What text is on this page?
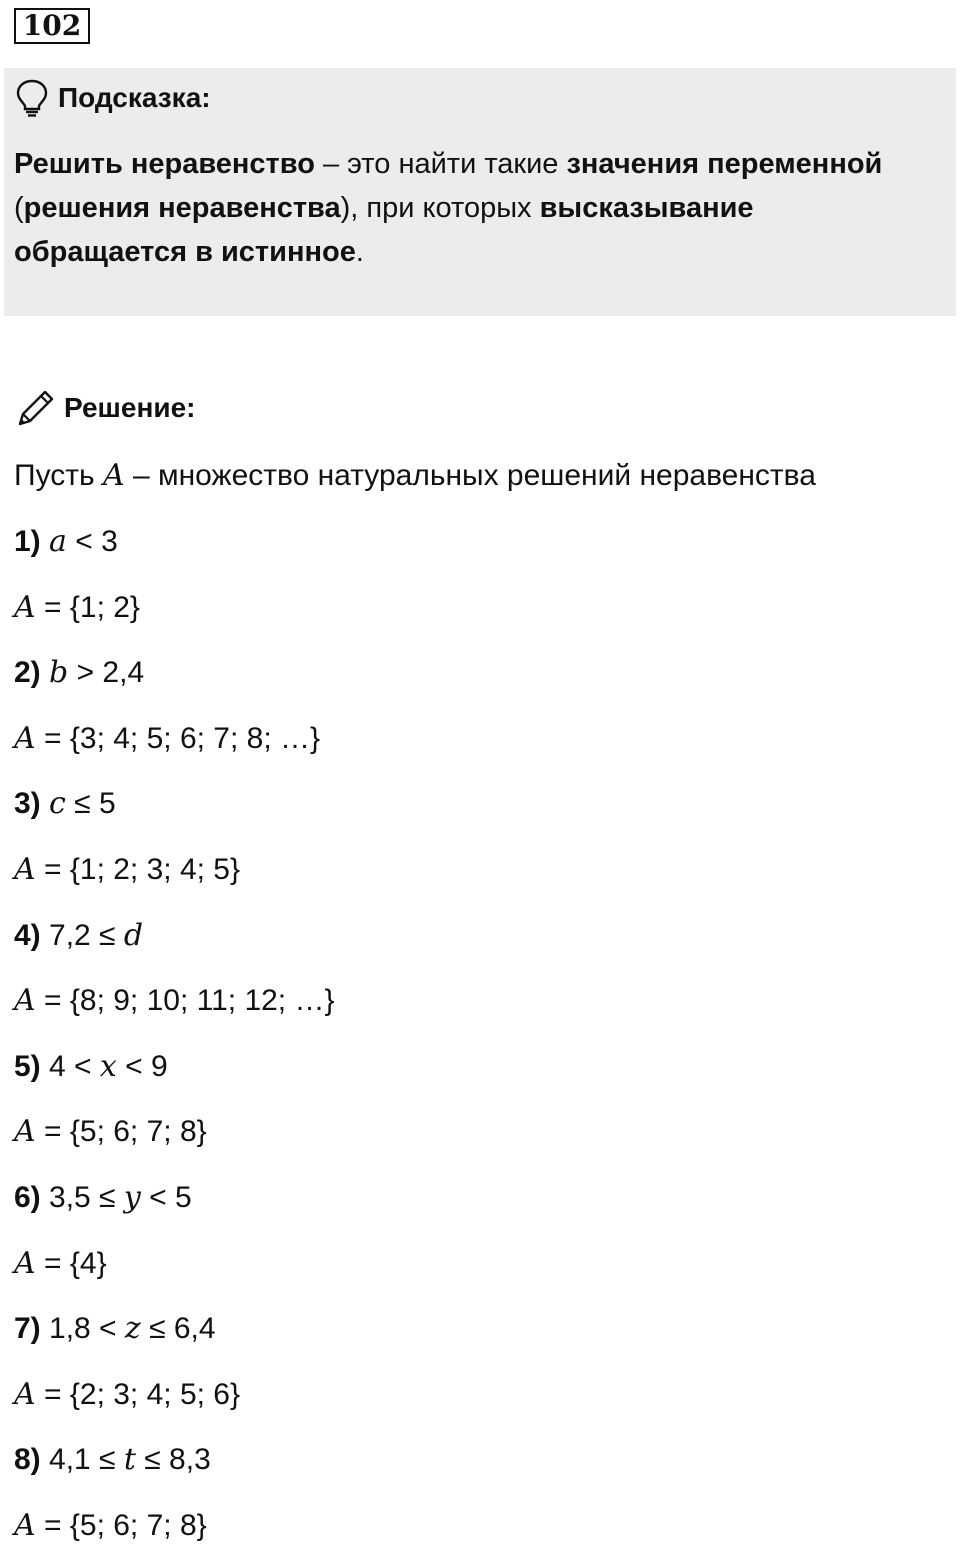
102
Подсказка:
Решить неравенство – это найти такие значения переменной (решения неравенства), при которых высказывание обращается в истинное.
Решение:
Пусть A – множество натуральных решений неравенства
1) a < 3
A = {1; 2}
2) b > 2,4
A = {3; 4; 5; 6; 7; 8; …}
3) c ≤ 5
A = {1; 2; 3; 4; 5}
4) 7,2 ≤ d
A = {8; 9; 10; 11; 12; …}
5) 4 < x < 9
A = {5; 6; 7; 8}
6) 3,5 ≤ y < 5
A = {4}
7) 1,8 < z ≤ 6,4
A = {2; 3; 4; 5; 6}
8) 4,1 ≤ t ≤ 8,3
A = {5; 6; 7; 8}
